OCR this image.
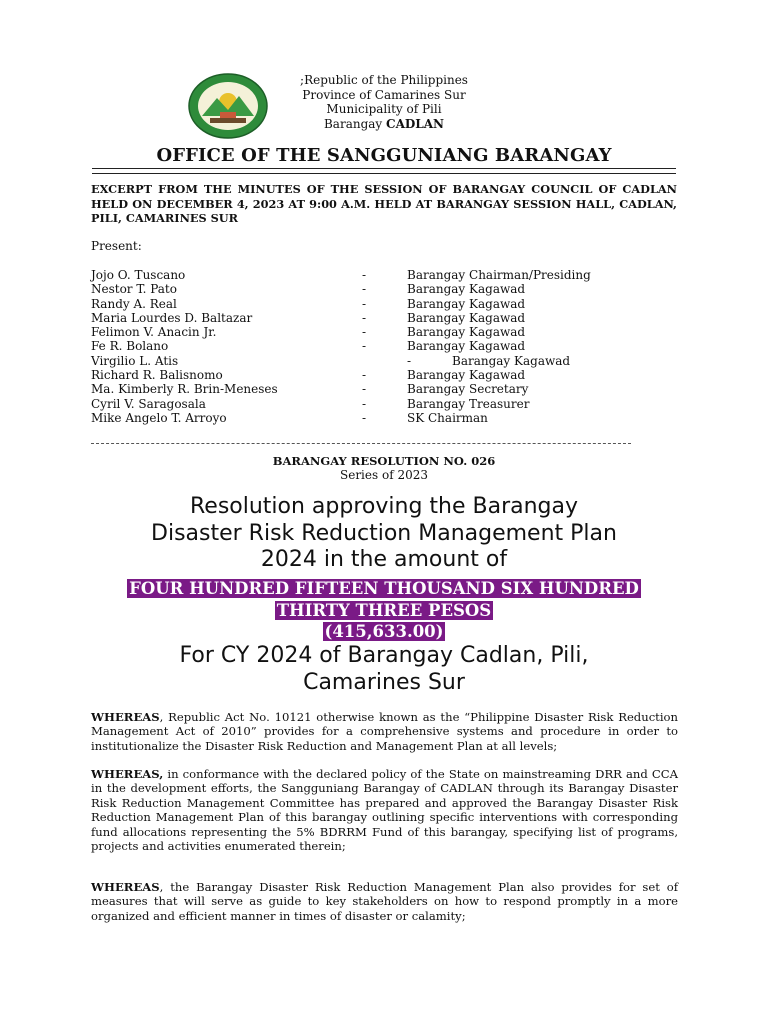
;Republic of the Philippines
Province of Camarines Sur
Municipality of Pili
Barangay CADLAN
OFFICE OF THE SANGGUNIANG BARANGAY
EXCERPT FROM THE MINUTES OF THE SESSION OF BARANGAY COUNCIL OF CADLAN HELD ON DECEMBER 4, 2023 AT 9:00 A.M. HELD AT BARANGAY SESSION HALL, CADLAN, PILI, CAMARINES SUR
Present:
Jojo O. Tuscano	-	Barangay Chairman/Presiding
Nestor T. Pato	-	Barangay Kagawad
Randy A. Real	-	Barangay Kagawad
Maria Lourdes D. Baltazar	-	Barangay Kagawad
Felimon V. Anacin Jr.	-	Barangay Kagawad
Fe R. Bolano	-	Barangay Kagawad
Virgilio L. Atis	-	Barangay Kagawad
Richard R. Balisnomo	-	Barangay Kagawad
Ma. Kimberly R. Brin-Meneses	-	Barangay Secretary
Cyril V. Saragosala	-	Barangay Treasurer
Mike Angelo T. Arroyo	-	SK Chairman
BARANGAY RESOLUTION NO. 026
Series of 2023
Resolution approving the Barangay
Disaster Risk Reduction Management Plan
2024 in the amount of
FOUR HUNDRED FIFTEEN THOUSAND SIX HUNDRED
THIRTY THREE PESOS
(415,633.00)
For CY 2024 of Barangay Cadlan, Pili,
Camarines Sur
WHEREAS, Republic Act No. 10121 otherwise known as the “Philippine Disaster Risk Reduction Management Act of 2010” provides for a comprehensive systems and procedure in order to institutionalize the Disaster Risk Reduction and Management Plan at all levels;
WHEREAS, in conformance with the declared policy of the State on mainstreaming DRR and CCA in the development efforts, the Sangguniang Barangay of CADLAN through its Barangay Disaster Risk Reduction Management Committee has prepared and approved the Barangay Disaster Risk Reduction Management Plan of this barangay outlining specific interventions with corresponding fund allocations representing the 5% BDRRM Fund of this barangay, specifying list of programs, projects and activities enumerated therein;
WHEREAS, the Barangay Disaster Risk Reduction Management Plan also provides for set of measures that will serve as guide to key stakeholders on how to respond promptly in a more organized and efficient manner in times of disaster or calamity;
